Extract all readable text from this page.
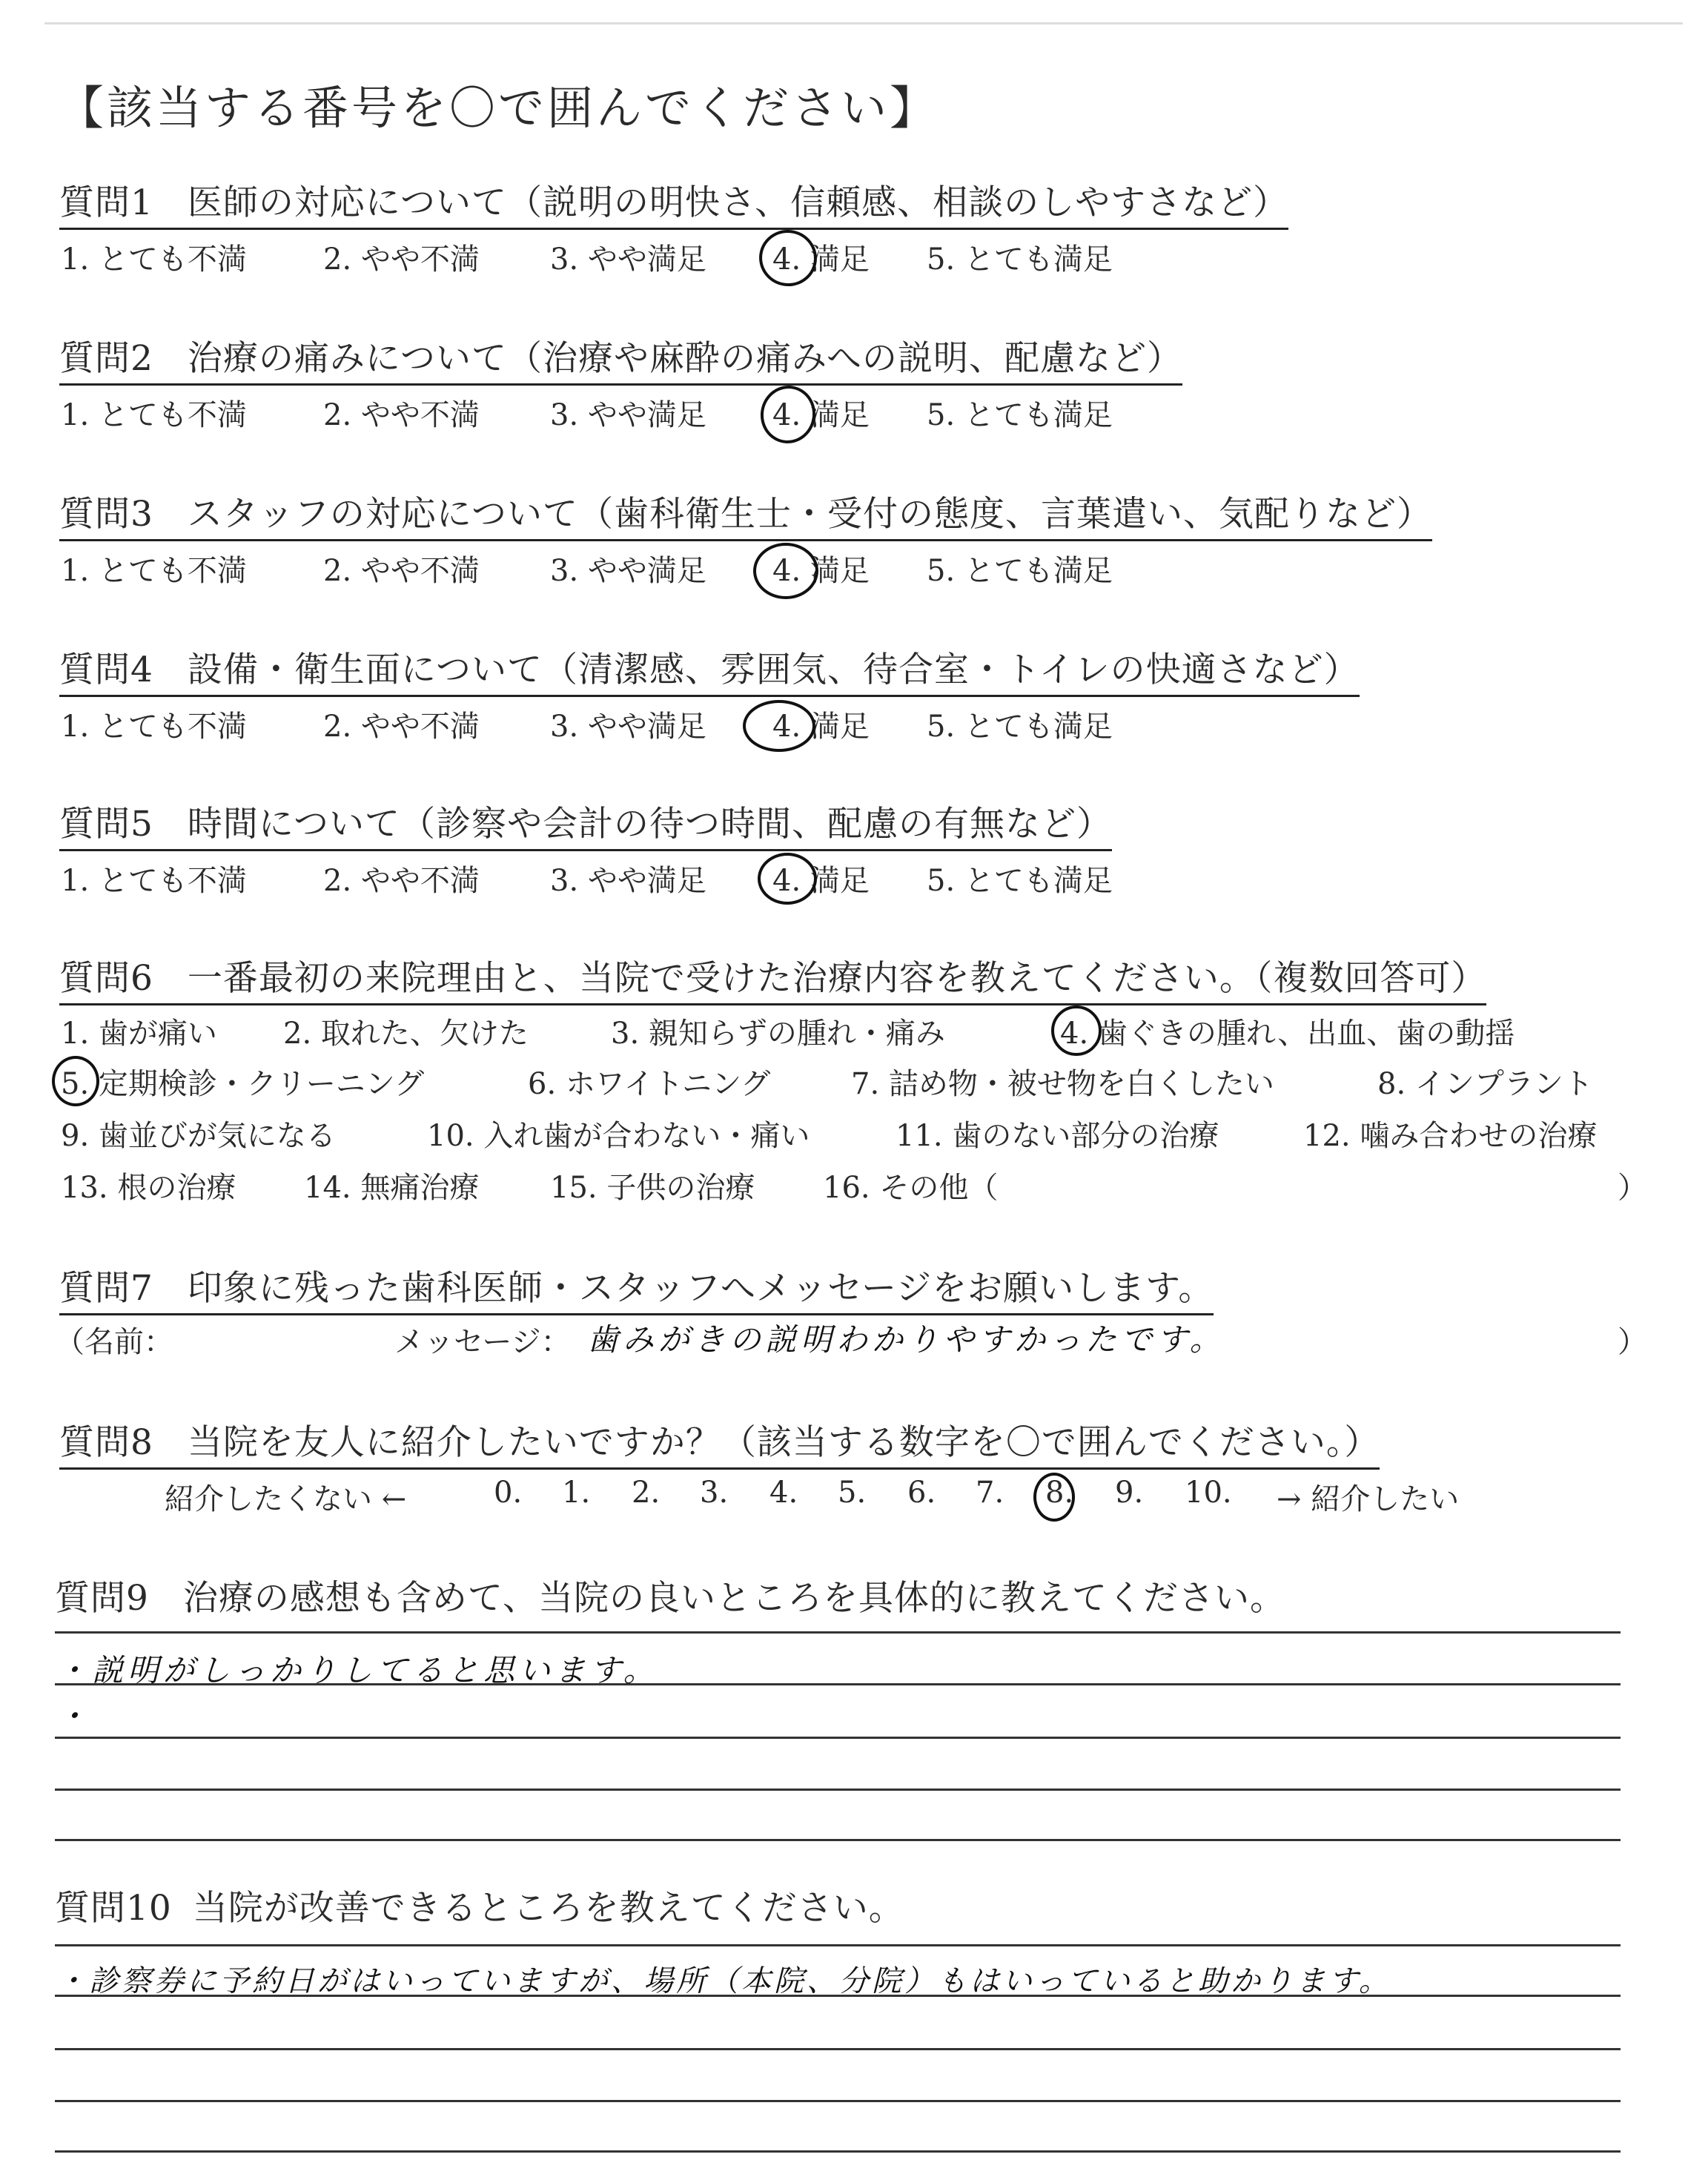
【該当する番号を〇で囲んでください】
質問1 医師の対応について（説明の明快さ、信頼感、相談のしやすさなど）
1. とても不満	2. やや不満 3. やや満足 4. 満足 5. とても満足
質問2 治療の痛みについて（治療や麻酔の痛みへの説明、配慮など）
1. とても不満	2. やや不満 3. やや満足 4. 満足 5. とても満足
質問3 スタッフの対応について（歯科衛生士・受付の態度、言葉遣い、気配りなど）
1. とても不満	2. やや不満 3. やや満足 4. 満足 5. とても満足
質問4 設備・衛生面について（清潔感、雰囲気、待合室・トイレの快適さなど）
1. とても不満	2. やや不満 3. やや満足 4. 満足 5. とても満足
質問5 時間について（診察や会計の待つ時間、配慮の有無など）
1. とても不満	2. やや不満 3. やや満足 4. 満足 5. とても満足
質問6 一番最初の来院理由と、当院で受けた治療内容を教えてください。（複数回答可）
1. 歯が痛い 2. 取れた、欠けた	3. 親知らずの腫れ・痛み	4. 歯ぐきの腫れ、出血、歯の動揺
5. 定期検診・クリーニング	6. ホワイトニング	7. 詰め物・被せ物を白くしたい	8. インプラント
9. 歯並びが気になる	10. 入れ歯が合わない・痛い	11. 歯のない部分の治療	12. 噛み合わせの治療
13. 根の治療 14. 無痛治療 15. 子供の治療 16. その他（	）
質問7 印象に残った歯科医師・スタッフへメッセージをお願いします。
（名前：	メッセージ： 歯みがきの説明わかりやすかったです。	）
質問8 当院を友人に紹介したいですか？（該当する数字を〇で囲んでください。）
紹介したくない ←	0. 1. 2. 3. 4. 5. 6. 7. 8. 9. 10. → 紹介したい
質問9 治療の感想も含めて、当院の良いところを具体的に教えてください。
・説明がしっかりしてると思います。
・
質問10 当院が改善できるところを教えてください。
・診察券に予約日がはいっていますが、場所（本院、分院）もはいっていると助かります。
